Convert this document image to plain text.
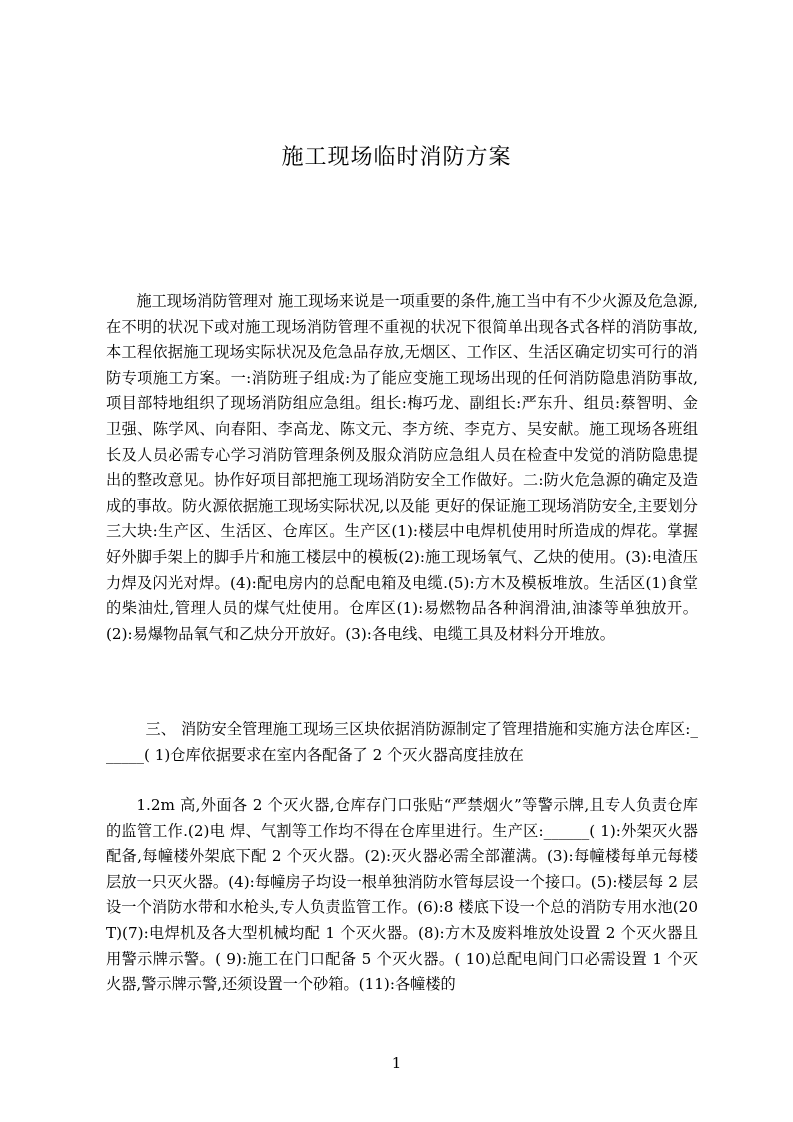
施工现场临时消防方案

施工现场消防管理对 施工现场来说是一项重要的条件,施工当中有不少火源及危急源,在不明的状况下或对施工现场消防管理不重视的状况下很简单出现各式各样的消防事故,本工程依据施工现场实际状况及危急品存放,无烟区、工作区、生活区确定切实可行的消防专项施工方案。一:消防班子组成:为了能应变施工现场出现的任何消防隐患消防事故,项目部特地组织了现场消防组应急组。组长:梅巧龙、副组长:严东升、组员:蔡智明、金卫强、陈学风、向春阳、李高龙、陈文元、李方统、李克方、吴安献。施工现场各班组长及人员必需专心学习消防管理条例及服众消防应急组人员在检查中发觉的消防隐患提出的整改意见。协作好项目部把施工现场消防安全工作做好。二:防火危急源的确定及造成的事故。防火源依据施工现场实际状况,以及能 更好的保证施工现场消防安全,主要划分三大块:生产区、生活区、仓库区。生产区(1):楼层中电焊机使用时所造成的焊花。掌握好外脚手架上的脚手片和施工楼层中的模板(2):施工现场氧气、乙炔的使用。(3):电渣压力焊及闪光对焊。(4):配电房内的总配电箱及电缆.(5):方木及模板堆放。生活区(1)食堂的柴油灶,管理人员的煤气灶使用。仓库区(1):易燃物品各种润滑油,油漆等单独放开。(2):易爆物品氧气和乙炔分开放好。(3):各电线、电缆工具及材料分开堆放。

三、 消防安全管理施工现场三区块依据消防源制定了管理措施和实施方法仓库区:______( 1)仓库依据要求在室内各配备了 2 个灭火器高度挂放在

1.2m 高,外面各 2 个灭火器,仓库存门口张贴“严禁烟火”等警示牌,且专人负责仓库的监管工作.(2)电 焊、气割等工作均不得在仓库里进行。生产区:______( 1):外架灭火器配备,每幢楼外架底下配 2 个灭火器。(2):灭火器必需全部灌满。(3):每幢楼每单元每楼层放一只灭火器。(4):每幢房子均设一根单独消防水管每层设一个接口。(5):楼层每 2 层设一个消防水带和水枪头,专人负责监管工作。(6):8 楼底下设一个总的消防专用水池(20T)(7):电焊机及各大型机械均配 1 个灭火器。(8):方木及废料堆放处设置 2 个灭火器且用警示牌示警。( 9):施工在门口配备 5 个灭火器。( 10)总配电间门口必需设置 1 个灭火器,警示牌示警,还须设置一个砂箱。(11):各幢楼的

1
